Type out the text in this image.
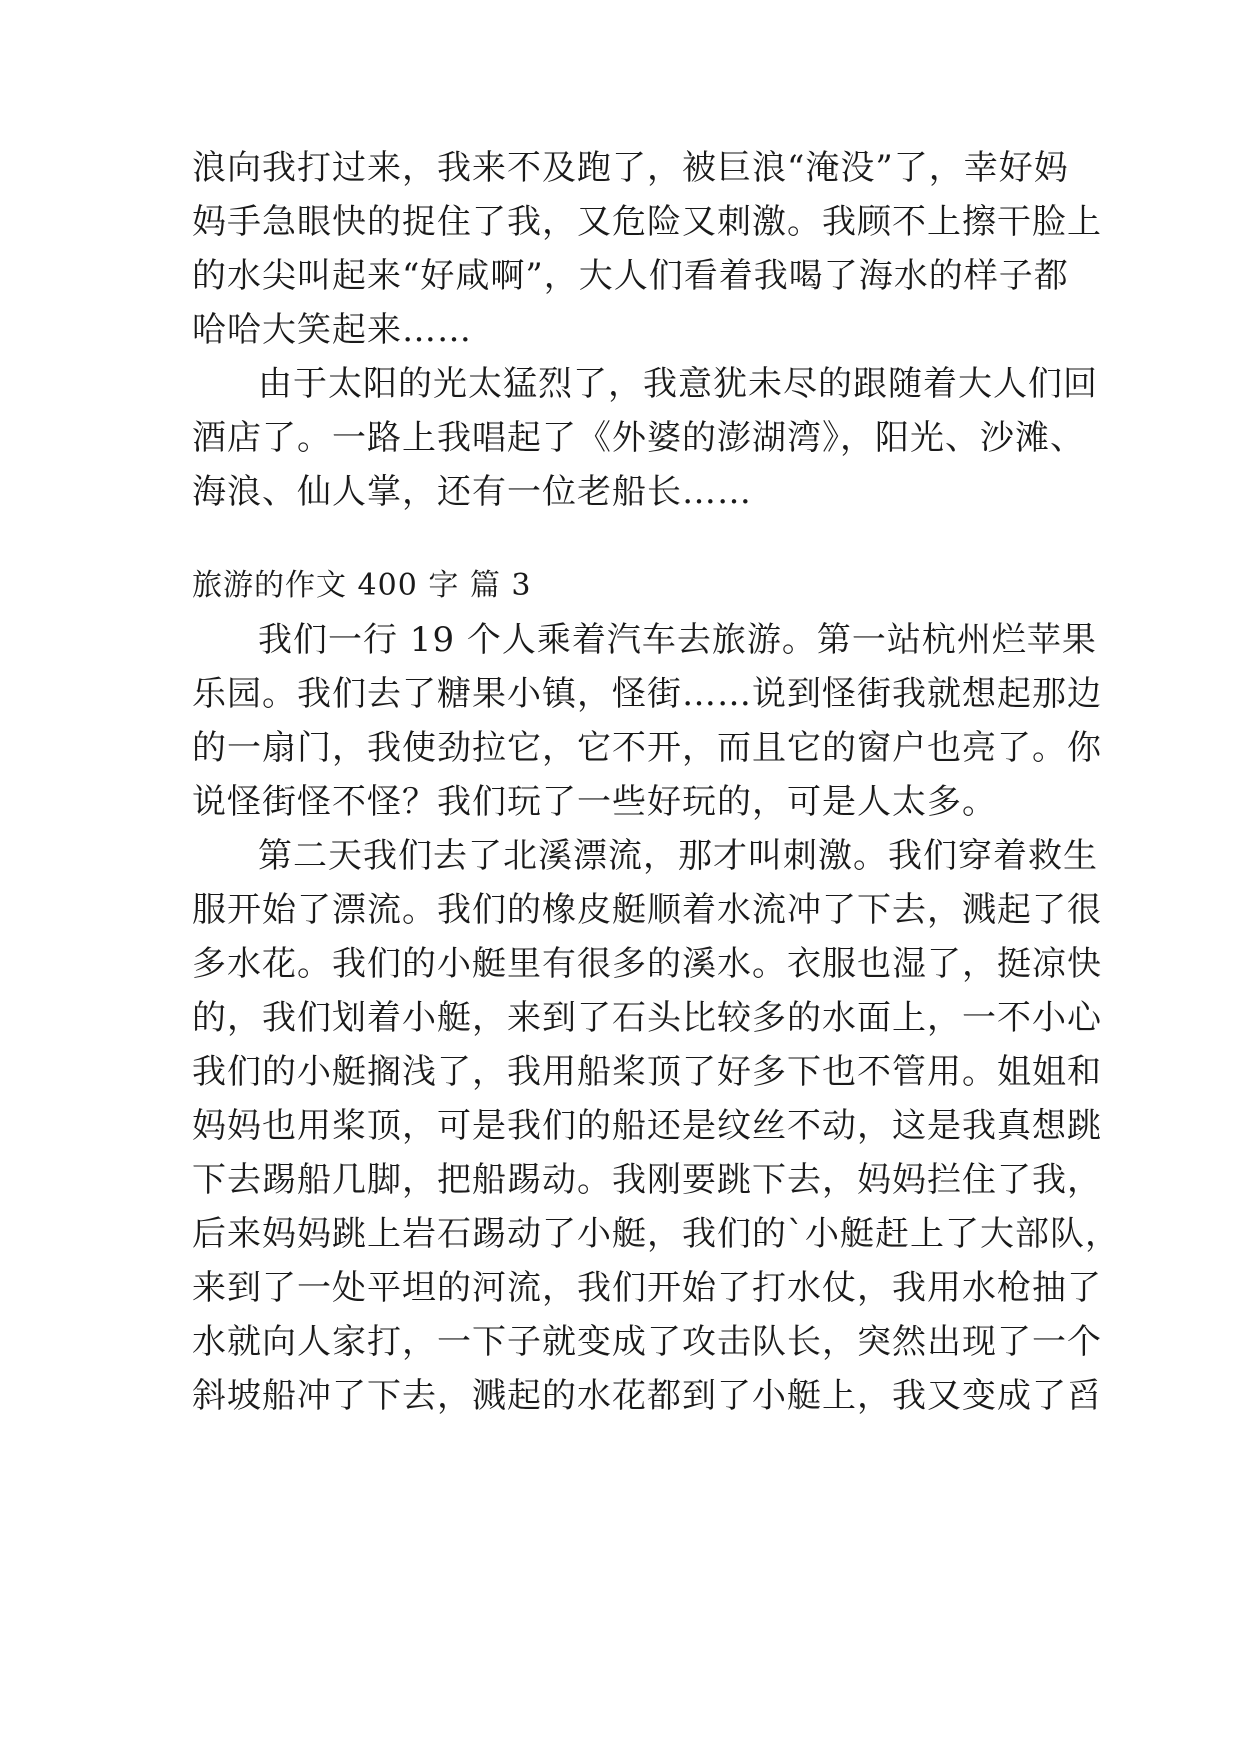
浪向我打过来，我来不及跑了，被巨浪“淹没”了，幸好妈
妈手急眼快的捉住了我，又危险又刺激。我顾不上擦干脸上
的水尖叫起来“好咸啊”，大人们看着我喝了海水的样子都
哈哈大笑起来……
由于太阳的光太猛烈了，我意犹未尽的跟随着大人们回
酒店了。一路上我唱起了《外婆的澎湖湾》，阳光、沙滩、
海浪、仙人掌，还有一位老船长……
旅游的作文 400 字 篇 3
我们一行 19 个人乘着汽车去旅游。第一站杭州烂苹果
乐园。我们去了糖果小镇，怪街……说到怪街我就想起那边
的一扇门，我使劲拉它，它不开，而且它的窗户也亮了。你
说怪街怪不怪？我们玩了一些好玩的，可是人太多。
第二天我们去了北溪漂流，那才叫刺激。我们穿着救生
服开始了漂流。我们的橡皮艇顺着水流冲了下去，溅起了很
多水花。我们的小艇里有很多的溪水。衣服也湿了，挺凉快
的，我们划着小艇，来到了石头比较多的水面上，一不小心
我们的小艇搁浅了，我用船桨顶了好多下也不管用。姐姐和
妈妈也用桨顶，可是我们的船还是纹丝不动，这是我真想跳
下去踢船几脚，把船踢动。我刚要跳下去，妈妈拦住了我，
后来妈妈跳上岩石踢动了小艇，我们的`小艇赶上了大部队，
来到了一处平坦的河流，我们开始了打水仗，我用水枪抽了
水就向人家打，一下子就变成了攻击队长，突然出现了一个
斜坡船冲了下去，溅起的水花都到了小艇上，我又变成了舀
